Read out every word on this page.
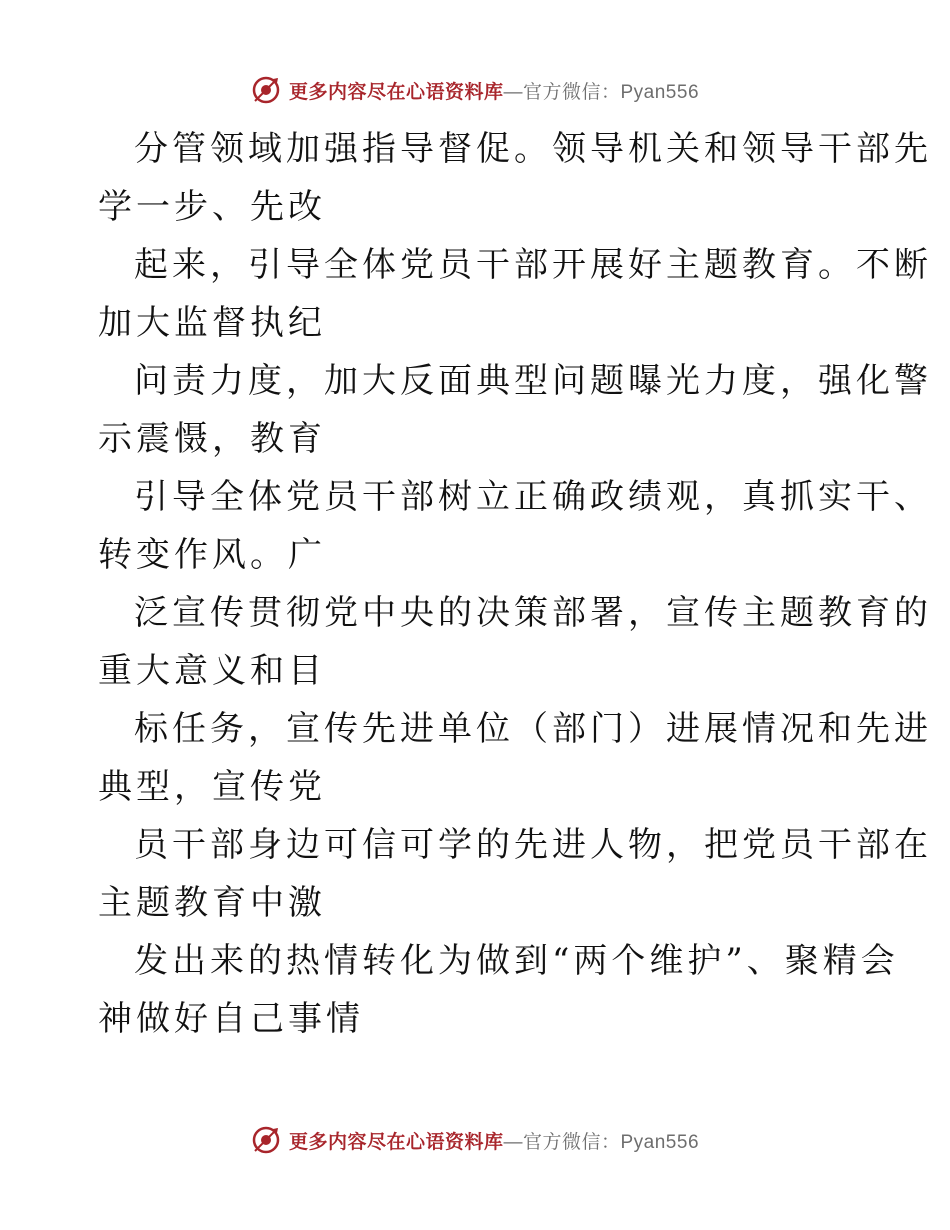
更多内容尽在心语资料库—官方微信：Pyan556

分管领域加强指导督促。领导机关和领导干部先

学一步、先改

起来，引导全体党员干部开展好主题教育。不断

加大监督执纪

问责力度，加大反面典型问题曝光力度，强化警

示震慑，教育

引导全体党员干部树立正确政绩观，真抓实干、

转变作风。广

泛宣传贯彻党中央的决策部署，宣传主题教育的

重大意义和目

标任务，宣传先进单位（部门）进展情况和先进

典型，宣传党

员干部身边可信可学的先进人物，把党员干部在

主题教育中激

发出来的热情转化为做到“两个维护”、聚精会

神做好自己事情

更多内容尽在心语资料库—官方微信：Pyan556
